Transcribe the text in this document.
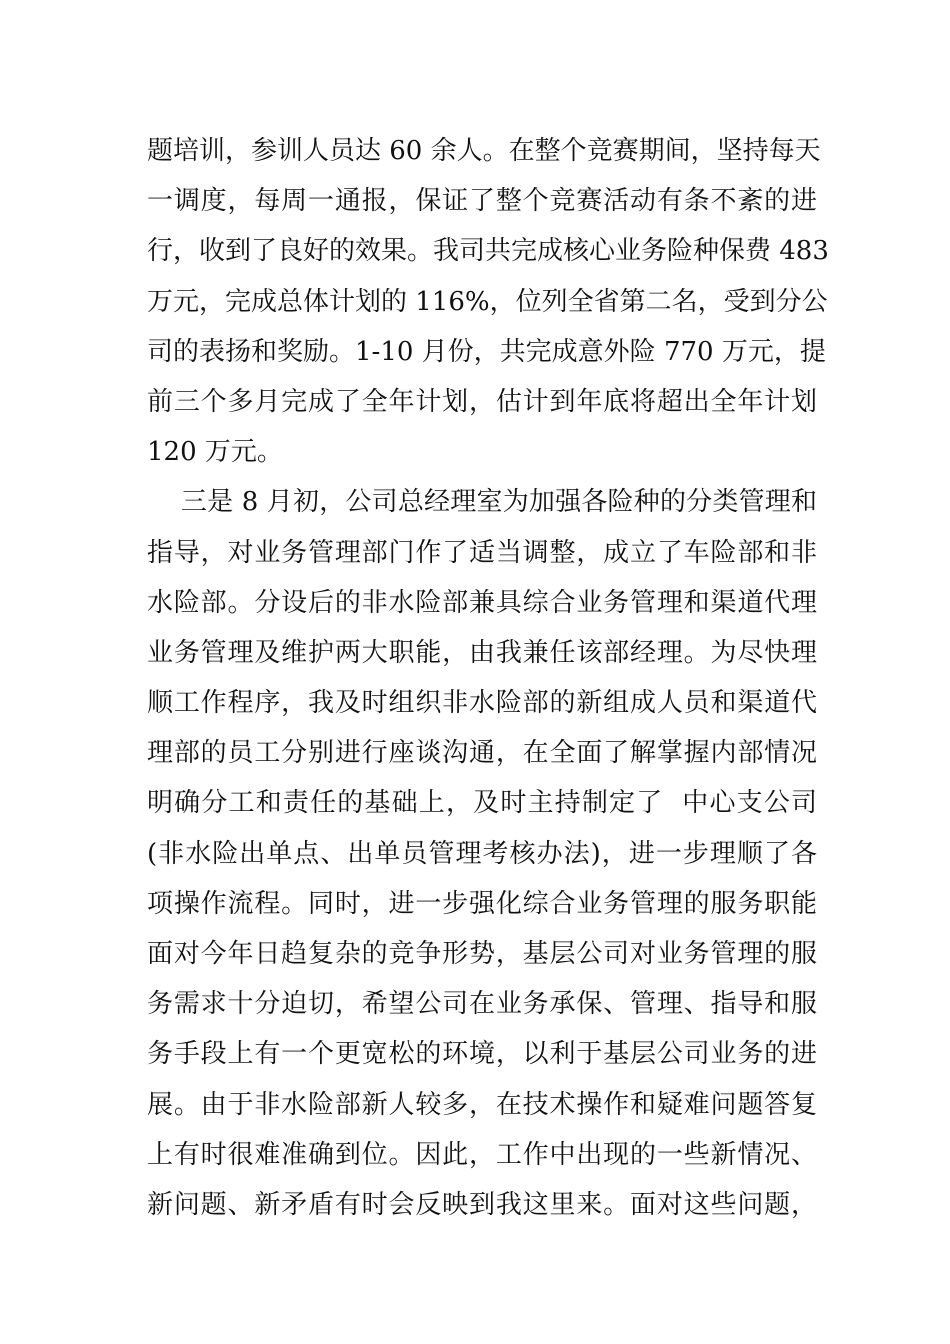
题培训，参训人员达 60 余人。在整个竞赛期间，坚持每天
一调度，每周一通报，保证了整个竞赛活动有条不紊的进
行，收到了良好的效果。我司共完成核心业务险种保费 483
万元，完成总体计划的 116%，位列全省第二名，受到分公
司的表扬和奖励。1-10 月份，共完成意外险 770 万元，提
前三个多月完成了全年计划，估计到年底将超出全年计划
120 万元。
三是 8 月初，公司总经理室为加强各险种的分类管理和
指导，对业务管理部门作了适当调整，成立了车险部和非
水险部。分设后的非水险部兼具综合业务管理和渠道代理
业务管理及维护两大职能，由我兼任该部经理。为尽快理
顺工作程序，我及时组织非水险部的新组成人员和渠道代
理部的员工分别进行座谈沟通，在全面了解掌握内部情况
明确分工和责任的基础上，及时主持制定了  中心支公司
(非水险出单点、出单员管理考核办法)，进一步理顺了各
项操作流程。同时，进一步强化综合业务管理的服务职能
面对今年日趋复杂的竞争形势，基层公司对业务管理的服
务需求十分迫切，希望公司在业务承保、管理、指导和服
务手段上有一个更宽松的环境，以利于基层公司业务的进
展。由于非水险部新人较多，在技术操作和疑难问题答复
上有时很难准确到位。因此，工作中出现的一些新情况、
新问题、新矛盾有时会反映到我这里来。面对这些问题，
